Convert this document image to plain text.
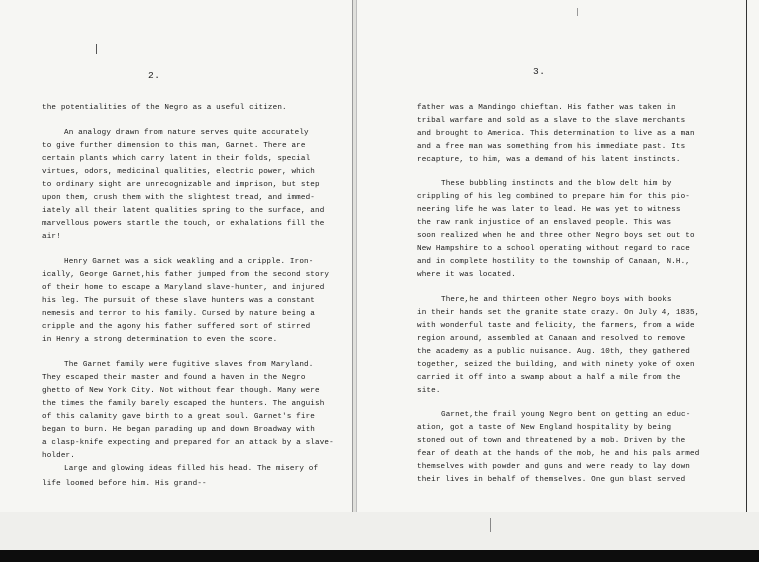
2.
the potentialities of the Negro as a useful citizen.
An analogy drawn from nature serves quite accurately
to give further dimension to this man, Garnet. There are
certain plants which carry latent in their folds, special
virtues, odors, medicinal qualities, electric power, which
to ordinary sight are unrecognizable and imprison, but step
upon them, crush them with the slightest tread, and immed-
iately all their latent qualities spring to the surface, and
marvellous powers startle the touch, or exhalations fill the
air!
Henry Garnet was a sick weakling and a cripple. Iron-
ically, George Garnet,his father jumped from the second story
of their home to escape a Maryland slave-hunter, and injured
his leg. The pursuit of these slave hunters was a constant
nemesis and terror to his family. Cursed by nature being a
cripple and the agony his father suffered sort of stirred
in Henry a strong determination to even the score.
The Garnet family were fugitive slaves from Maryland.
They escaped their master and found a haven in the Negro
ghetto of New York City. Not without fear though. Many were
the times the family barely escaped the hunters. The anguish
of this calamity gave birth to a great soul. Garnet's fire
began to burn. He began parading up and down Broadway with
a clasp-knife expecting and prepared for an attack by a slave-
holder.
Large and glowing ideas filled his head. The misery of
life loomed before him. His grand--
3.
father was a Mandingo chieftan. His father was taken in
tribal warfare and sold as a slave to the slave merchants
and brought to America. This determination to live as a man
and a free man was something from his immediate past. Its
recapture, to him, was a demand of his latent instincts.
These bubbling instincts and the blow delt him by
crippling of his leg combined to prepare him for this pio-
neering life he was later to lead. He was yet to witness
the raw rank injustice of an enslaved people. This was
soon realized when he and three other Negro boys set out to
New Hampshire to a school operating without regard to race
and in complete hostility to the township of Canaan, N.H.,
where it was located.
There,he and thirteen other Negro boys with books
in their hands set the granite state crazy. On July 4, 1835,
with wonderful taste and felicity, the farmers, from a wide
region around, assembled at Canaan and resolved to remove
the academy as a public nuisance. Aug. 10th, they gathered
together, seized the building, and with ninety yoke of oxen
carried it off into a swamp about a half a mile from the
site.
Garnet,the frail young Negro bent on getting an educ-
ation, got a taste of New England hospitality by being
stoned out of town and threatened by a mob. Driven by the
fear of death at the hands of the mob, he and his pals armed
themselves with powder and guns and were ready to lay down
their lives in behalf of themselves. One gun blast served
